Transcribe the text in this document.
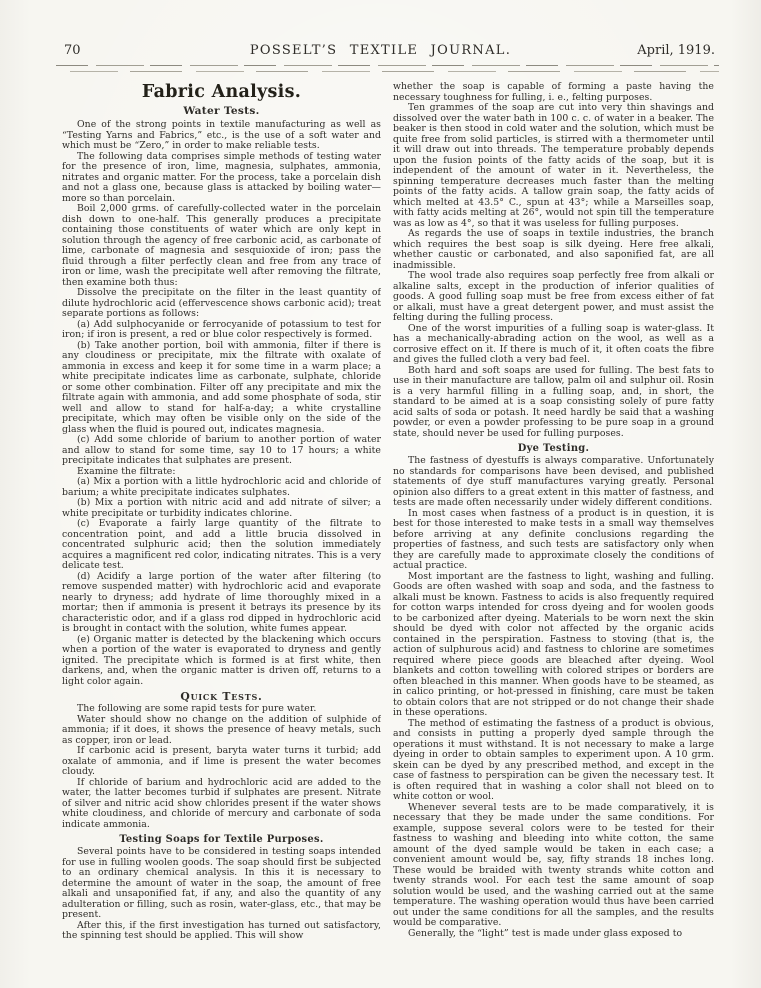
70	POSSELT’S TEXTILE JOURNAL.	April, 1919.
Fabric Analysis.
Water Tests.

One of the strong points in textile manufacturing as well as “Testing Yarns and Fabrics,” etc., is the use of a soft water and which must be “Zero,” in order to make reliable tests.

The following data comprises simple methods of testing water for the presence of iron, lime, magnesia, sulphates, ammonia, nitrates and organic matter. For the process, take a porcelain dish and not a glass one, because glass is attacked by boiling water—more so than porcelain.

Boil 2,000 grms. of carefully-collected water in the porcelain dish down to one-half. This generally produces a precipitate containing those constituents of water which are only kept in solution through the agency of free carbonic acid, as carbonate of lime, carbonate of magnesia and sesquioxide of iron; pass the fluid through a filter perfectly clean and free from any trace of iron or lime, wash the precipitate well after removing the filtrate, then examine both thus:

Dissolve the precipitate on the filter in the least quantity of dilute hydrochloric acid (effervescence shows carbonic acid); treat separate portions as follows:

(a) Add sulphocyanide or ferrocyanide of potassium to test for iron; if iron is present, a red or blue color respectively is formed.

(b) Take another portion, boil with ammonia, filter if there is any cloudiness or precipitate, mix the filtrate with oxalate of ammonia in excess and keep it for some time in a warm place; a white precipitate indicates lime as carbonate, sulphate, chloride or some other combination. Filter off any precipitate and mix the filtrate again with ammonia, and add some phosphate of soda, stir well and allow to stand for half-a-day; a white crystalline precipitate, which may often be visible only on the side of the glass when the fluid is poured out, indicates magnesia.

(c) Add some chloride of barium to another portion of water and allow to stand for some time, say 10 to 17 hours; a white precipitate indicates that sulphates are present.

Examine the filtrate:

(a) Mix a portion with a little hydrochloric acid and chloride of barium; a white precipitate indicates sulphates.

(b) Mix a portion with nitric acid and add nitrate of silver; a white precipitate or turbidity indicates chlorine.

(c) Evaporate a fairly large quantity of the filtrate to concentration point, and add a little brucia dissolved in concentrated sulphuric acid; then the solution immediately acquires a magnificent red color, indicating nitrates. This is a very delicate test.

(d) Acidify a large portion of the water after filtering (to remove suspended matter) with hydrochloric acid and evaporate nearly to dryness; add hydrate of lime thoroughly mixed in a mortar; then if ammonia is present it betrays its presence by its characteristic odor, and if a glass rod dipped in hydrochloric acid is brought in contact with the solution, white fumes appear.

(e) Organic matter is detected by the blackening which occurs when a portion of the water is evaporated to dryness and gently ignited. The precipitate which is formed is at first white, then darkens, and, when the organic matter is driven off, returns to a light color again.

Quick Tests.

The following are some rapid tests for pure water.

Water should show no change on the addition of sulphide of ammonia; if it does, it shows the presence of heavy metals, such as copper, iron or lead.

If carbonic acid is present, baryta water turns it turbid; add oxalate of ammonia, and if lime is present the water becomes cloudy.

If chloride of barium and hydrochloric acid are added to the water, the latter becomes turbid if sulphates are present. Nitrate of silver and nitric acid show chlorides present if the water shows white cloudiness, and chloride of mercury and carbonate of soda indicate ammonia.

Testing Soaps for Textile Purposes.

Several points have to be considered in testing soaps intended for use in fulling woolen goods. The soap should first be subjected to an ordinary chemical analysis. In this it is necessary to determine the amount of water in the soap, the amount of free alkali and unsaponified fat, if any, and also the quantity of any adulteration or filling, such as rosin, water-glass, etc., that may be present.

After this, if the first investigation has turned out satisfactory, the spinning test should be applied. This will show

whether the soap is capable of forming a paste having the necessary toughness for fulling, i. e., felting purposes.

Ten grammes of the soap are cut into very thin shavings and dissolved over the water bath in 100 c. c. of water in a beaker. The beaker is then stood in cold water and the solution, which must be quite free from solid particles, is stirred with a thermometer until it will draw out into threads. The temperature probably depends upon the fusion points of the fatty acids of the soap, but it is independent of the amount of water in it. Nevertheless, the spinning temperature decreases much faster than the melting points of the fatty acids. A tallow grain soap, the fatty acids of which melted at 43.5° C., spun at 43°; while a Marseilles soap, with fatty acids melting at 26°, would not spin till the temperature was as low as 4°, so that it was useless for fulling purposes.

As regards the use of soaps in textile industries, the branch which requires the best soap is silk dyeing. Here free alkali, whether caustic or carbonated, and also saponified fat, are all inadmissible.

The wool trade also requires soap perfectly free from alkali or alkaline salts, except in the production of inferior qualities of goods. A good fulling soap must be free from excess either of fat or alkali, must have a great detergent power, and must assist the felting during the fulling process.

One of the worst impurities of a fulling soap is water-glass. It has a mechanically-abrading action on the wool, as well as a corrosive effect on it. If there is much of it, it often coats the fibre and gives the fulled cloth a very bad feel.

Both hard and soft soaps are used for fulling. The best fats to use in their manufacture are tallow, palm oil and sulphur oil. Rosin is a very harmful filling in a fulling soap, and, in short, the standard to be aimed at is a soap consisting solely of pure fatty acid salts of soda or potash. It need hardly be said that a washing powder, or even a powder professing to be pure soap in a ground state, should never be used for fulling purposes.

Dye Testing.

The fastness of dyestuffs is always comparative. Unfortunately no standards for comparisons have been devised, and published statements of dye stuff manufactures varying greatly. Personal opinion also differs to a great extent in this matter of fastness, and tests are made often necessarily under widely different conditions.

In most cases when fastness of a product is in question, it is best for those interested to make tests in a small way themselves before arriving at any definite conclusions regarding the properties of fastness, and such tests are satisfactory only when they are carefully made to approximate closely the conditions of actual practice.

Most important are the fastness to light, washing and fulling. Goods are often washed with soap and soda, and the fastness to alkali must be known. Fastness to acids is also frequently required for cotton warps intended for cross dyeing and for woolen goods to be carbonized after dyeing. Materials to be worn next the skin should be dyed with color not affected by the organic acids contained in the perspiration. Fastness to stoving (that is, the action of sulphurous acid) and fastness to chlorine are sometimes required where piece goods are bleached after dyeing. Wool blankets and cotton towelling with colored stripes or borders are often bleached in this manner. When goods have to be steamed, as in calico printing, or hot-pressed in finishing, care must be taken to obtain colors that are not stripped or do not change their shade in these operations.

The method of estimating the fastness of a product is obvious, and consists in putting a properly dyed sample through the operations it must withstand. It is not necessary to make a large dyeing in order to obtain samples to experiment upon. A 10 grm. skein can be dyed by any prescribed method, and except in the case of fastness to perspiration can be given the necessary test. It is often required that in washing a color shall not bleed on to white cotton or wool.

Whenever several tests are to be made comparatively, it is necessary that they be made under the same conditions. For example, suppose several colors were to be tested for their fastness to washing and bleeding into white cotton, the same amount of the dyed sample would be taken in each case; a convenient amount would be, say, fifty strands 18 inches long. These would be braided with twenty strands white cotton and twenty strands wool. For each test the same amount of soap solution would be used, and the washing carried out at the same temperature. The washing operation would thus have been carried out under the same conditions for all the samples, and the results would be comparative.

Generally, the “light” test is made under glass exposed to
